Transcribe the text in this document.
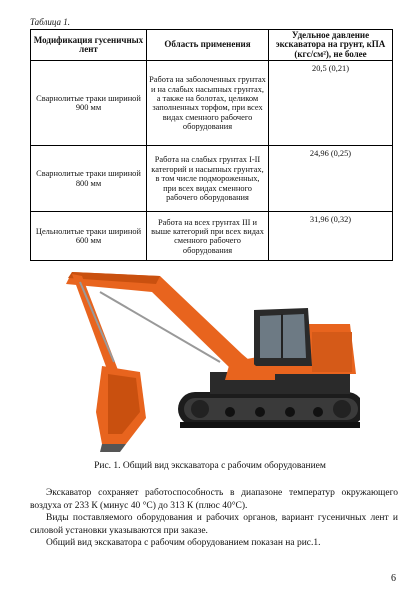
Таблица 1.
Модификация гусеничных лент	Область применения	Удельное давление экскаватора на грунт, кПА (кгс/см²), не более
Сварнолитые траки шириной 900 мм	Работа на заболоченных грунтах и на слабых насыпных грунтах, а также на болотах, целиком заполненных торфом, при всех видах сменного рабочего оборудования	20,5 (0,21)
Сварнолитые траки шириной 800 мм	Работа на слабых грунтах I-II категорий и насыпных грунтах, в том числе подмороженных, при всех видах сменного рабочего оборудования	24,96 (0,25)
Цельнолитые траки шириной 600 мм	Работа на всех грунтах III и выше категорий при всех видах сменного рабочего оборудования	31,96 (0,32)
ЭО-5225
Рис. 1. Общий вид экскаватора с рабочим оборудованием

Экскаватор сохраняет работоспособность в диапазоне температур окружающего воздуха от 233 К (минус 40 °С) до 313 К (плюс 40°С).

Виды поставляемого оборудования и рабочих органов, вариант гусеничных лент и силовой установки указываются при заказе.

Общий вид экскаватора с рабочим оборудованием показан на рис.1.

6
